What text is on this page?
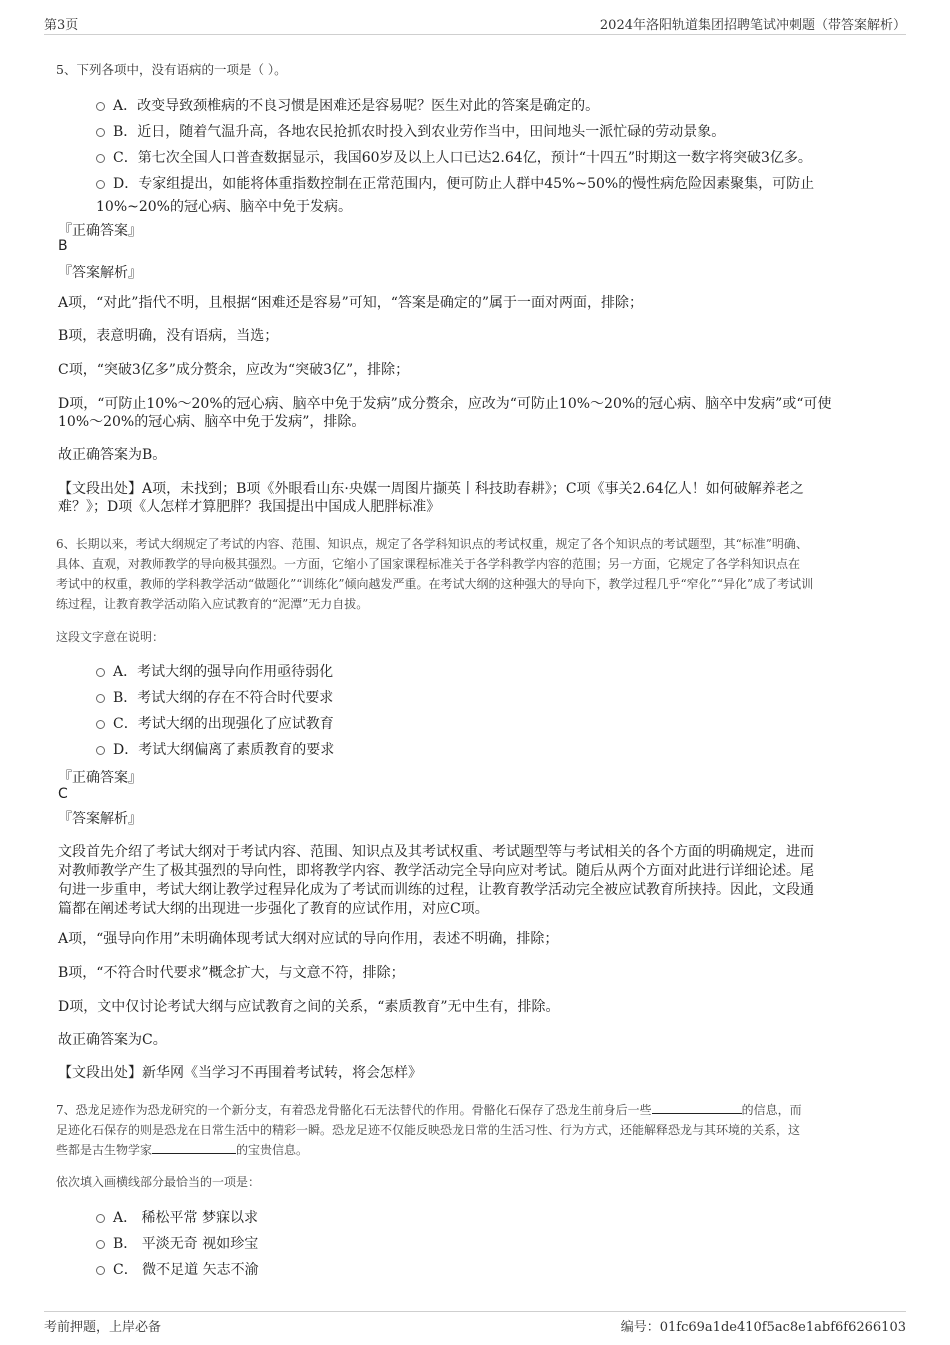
第3页	2024年洛阳轨道集团招聘笔试冲刺题（带答案解析）
5、下列各项中，没有语病的一项是（ ）。
A．改变导致颈椎病的不良习惯是困难还是容易呢？医生对此的答案是确定的。
B．近日，随着气温升高，各地农民抢抓农时投入到农业劳作当中，田间地头一派忙碌的劳动景象。
C．第七次全国人口普查数据显示，我国60岁及以上人口已达2.64亿，预计“十四五”时期这一数字将突破3亿多。
D．专家组提出，如能将体重指数控制在正常范围内，便可防止人群中45%~50%的慢性病危险因素聚集，可防止
10%~20%的冠心病、脑卒中免于发病。
『正确答案』
B
『答案解析』
A项，“对此”指代不明，且根据“困难还是容易”可知，“答案是确定的”属于一面对两面，排除；
B项，表意明确，没有语病，当选；
C项，“突破3亿多”成分赘余，应改为“突破3亿”，排除；
D项，“可防止10%～20%的冠心病、脑卒中免于发病”成分赘余，应改为“可防止10%～20%的冠心病、脑卒中发病”或“可使
10%～20%的冠心病、脑卒中免于发病”，排除。
故正确答案为B。
【文段出处】A项，未找到；B项《外眼看山东·央媒一周图片撷英丨科技助春耕》；C项《事关2.64亿人！如何破解养老之
难？》；D项《人怎样才算肥胖？我国提出中国成人肥胖标准》
6、长期以来，考试大纲规定了考试的内容、范围、知识点，规定了各学科知识点的考试权重，规定了各个知识点的考试题型，其“标准”明确、
具体、直观，对教师教学的导向极其强烈。一方面，它缩小了国家课程标准关于各学科教学内容的范围；另一方面，它规定了各学科知识点在
考试中的权重，教师的学科教学活动“做题化”“训练化”倾向越发严重。在考试大纲的这种强大的导向下，教学过程几乎“窄化”“异化”成了考试训
练过程，让教育教学活动陷入应试教育的“泥潭”无力自拔。
这段文字意在说明：
A．考试大纲的强导向作用亟待弱化
B．考试大纲的存在不符合时代要求
C．考试大纲的出现强化了应试教育
D．考试大纲偏离了素质教育的要求
『正确答案』
C
『答案解析』
文段首先介绍了考试大纲对于考试内容、范围、知识点及其考试权重、考试题型等与考试相关的各个方面的明确规定，进而
对教师教学产生了极其强烈的导向性，即将教学内容、教学活动完全导向应对考试。随后从两个方面对此进行详细论述。尾
句进一步重申，考试大纲让教学过程异化成为了考试而训练的过程，让教育教学活动完全被应试教育所挟持。因此，文段通
篇都在阐述考试大纲的出现进一步强化了教育的应试作用，对应C项。
A项，“强导向作用”未明确体现考试大纲对应试的导向作用，表述不明确，排除；
B项，“不符合时代要求”概念扩大，与文意不符，排除；
D项，文中仅讨论考试大纲与应试教育之间的关系，“素质教育”无中生有，排除。
故正确答案为C。
【文段出处】新华网《当学习不再围着考试转，将会怎样》
7、恐龙足迹作为恐龙研究的一个新分支，有着恐龙骨骼化石无法替代的作用。骨骼化石保存了恐龙生前身后一些	的信息，而
足迹化石保存的则是恐龙在日常生活中的精彩一瞬。恐龙足迹不仅能反映恐龙日常的生活习性、行为方式，还能解释恐龙与其环境的关系，这
些都是古生物学家	的宝贵信息。
依次填入画横线部分最恰当的一项是：
A． 稀松平常 梦寐以求
B． 平淡无奇 视如珍宝
C． 微不足道 矢志不渝
考前押题，上岸必备	编号：01fc69a1de410f5ac8e1abf6f6266103
